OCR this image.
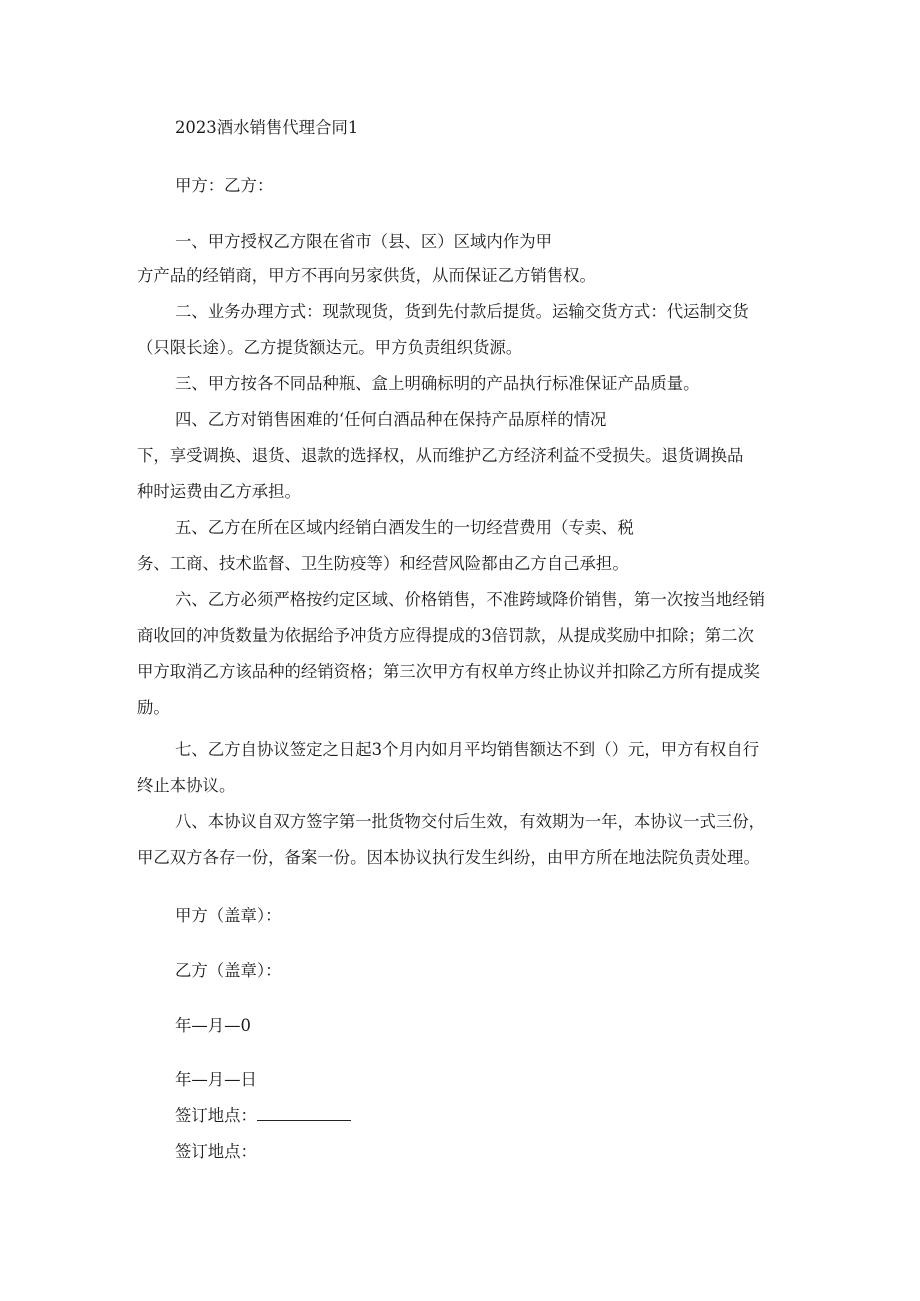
2023酒水销售代理合同1
甲方：乙方：
一、甲方授权乙方限在省市（县、区）区域内作为甲
方产品的经销商，甲方不再向另家供货，从而保证乙方销售权。
二、业务办理方式：现款现货，货到先付款后提货。运输交货方式：代运制交货
（只限长途）。乙方提货额达元。甲方负责组织货源。
三、甲方按各不同品种瓶、盒上明确标明的产品执行标准保证产品质量。
四、乙方对销售困难的‘任何白酒品种在保持产品原样的情况
下，享受调换、退货、退款的选择权，从而维护乙方经济利益不受损失。退货调换品
种时运费由乙方承担。
五、乙方在所在区域内经销白酒发生的一切经营费用（专卖、税
务、工商、技术监督、卫生防疫等）和经营风险都由乙方自己承担。
六、乙方必须严格按约定区域、价格销售，不准跨域降价销售，第一次按当地经销
商收回的冲货数量为依据给予冲货方应得提成的3倍罚款，从提成奖励中扣除；第二次
甲方取消乙方该品种的经销资格；第三次甲方有权单方终止协议并扣除乙方所有提成奖
励。
七、乙方自协议签定之日起3个月内如月平均销售额达不到（）元，甲方有权自行
终止本协议。
八、本协议自双方签字第一批货物交付后生效，有效期为一年，本协议一式三份，
甲乙双方各存一份，备案一份。因本协议执行发生纠纷，由甲方所在地法院负责处理。
甲方（盖章）：
乙方（盖章）：
年—月—0
年—月—日
签订地点：
签订地点：
